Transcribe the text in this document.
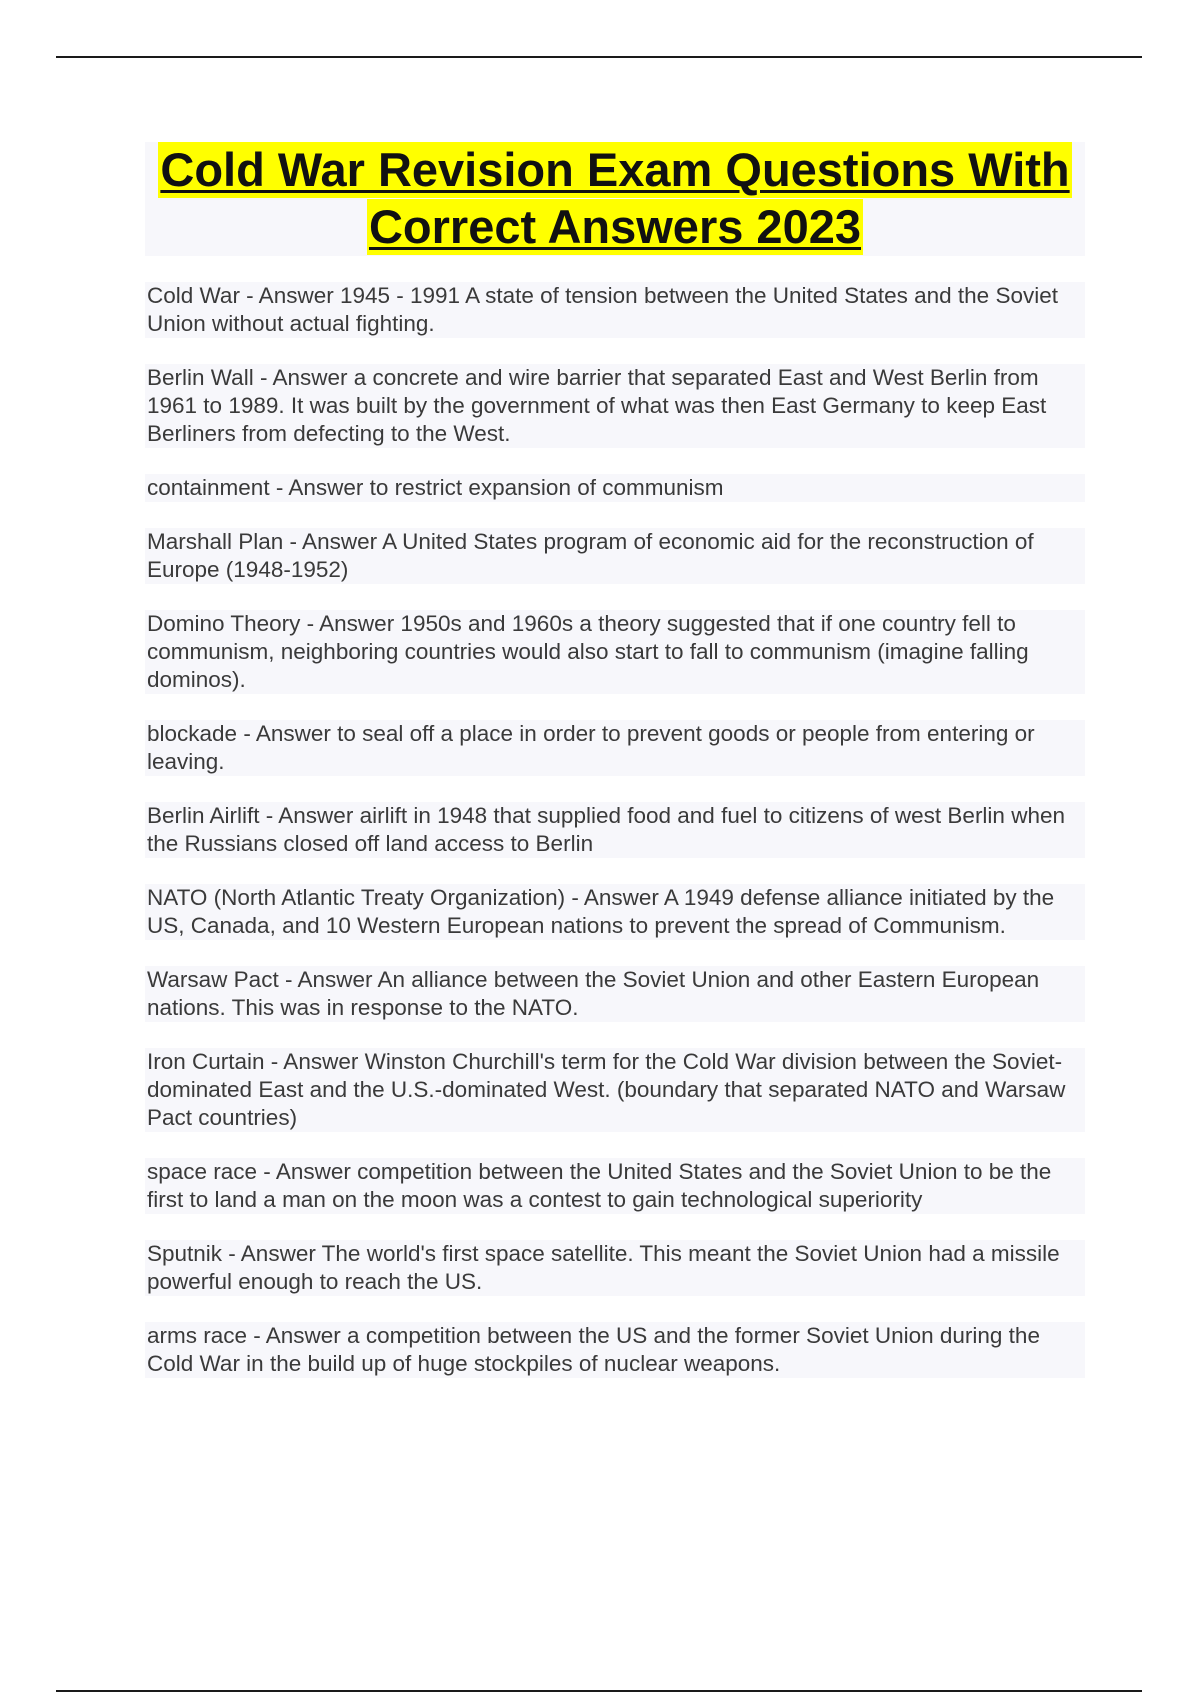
Cold War Revision Exam Questions With
Correct Answers 2023

Cold War - Answer 1945 - 1991 A state of tension between the United States and the Soviet Union without actual fighting.

Berlin Wall - Answer a concrete and wire barrier that separated East and West Berlin from 1961 to 1989. It was built by the government of what was then East Germany to keep East Berliners from defecting to the West.

containment - Answer to restrict expansion of communism

Marshall Plan - Answer A United States program of economic aid for the reconstruction of Europe (1948-1952)

Domino Theory - Answer 1950s and 1960s a theory suggested that if one country fell to communism, neighboring countries would also start to fall to communism (imagine falling dominos).

blockade - Answer to seal off a place in order to prevent goods or people from entering or leaving.

Berlin Airlift - Answer airlift in 1948 that supplied food and fuel to citizens of west Berlin when the Russians closed off land access to Berlin

NATO (North Atlantic Treaty Organization) - Answer A 1949 defense alliance initiated by the US, Canada, and 10 Western European nations to prevent the spread of Communism.

Warsaw Pact - Answer An alliance between the Soviet Union and other Eastern European nations. This was in response to the NATO.

Iron Curtain - Answer Winston Churchill's term for the Cold War division between the Soviet-dominated East and the U.S.-dominated West. (boundary that separated NATO and Warsaw Pact countries)

space race - Answer competition between the United States and the Soviet Union to be the first to land a man on the moon was a contest to gain technological superiority

Sputnik - Answer The world's first space satellite. This meant the Soviet Union had a missile powerful enough to reach the US.

arms race - Answer a competition between the US and the former Soviet Union during the Cold War in the build up of huge stockpiles of nuclear weapons.
